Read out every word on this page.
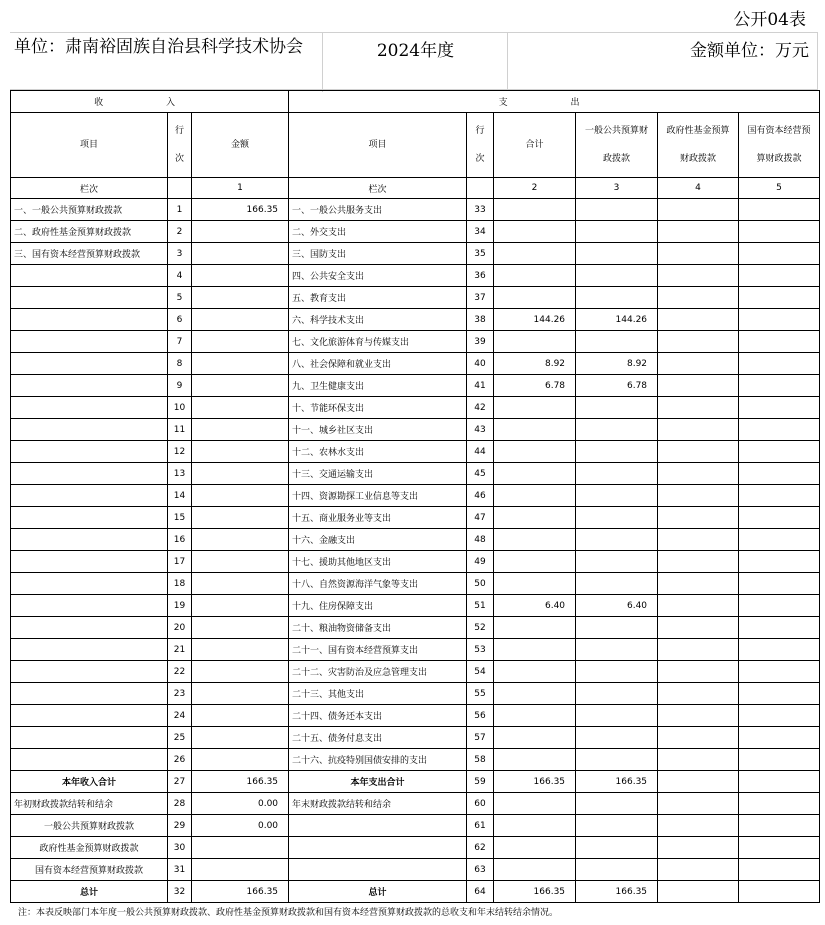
公开04表
单位：肃南裕固族自治县科学技术协会	2024年度	金额单位：万元
收 入			支 出					
项目	行次	金额	项目	行次	合计	一般公共预算财政拨款	政府性基金预算财政拨款	国有资本经营预算财政拨款
栏次		1	栏次		2	3	4	5
一、一般公共预算财政拨款	1	166.35	一、一般公共服务支出	33				
二、政府性基金预算财政拨款	2		二、外交支出	34				
三、国有资本经营预算财政拨款	3		三、国防支出	35				
	4		四、公共安全支出	36				
	5		五、教育支出	37				
	6		六、科学技术支出	38	144.26	144.26		
	7		七、文化旅游体育与传媒支出	39				
	8		八、社会保障和就业支出	40	8.92	8.92		
	9		九、卫生健康支出	41	6.78	6.78		
	10		十、节能环保支出	42				
	11		十一、城乡社区支出	43				
	12		十二、农林水支出	44				
	13		十三、交通运输支出	45				
	14		十四、资源勘探工业信息等支出	46				
	15		十五、商业服务业等支出	47				
	16		十六、金融支出	48				
	17		十七、援助其他地区支出	49				
	18		十八、自然资源海洋气象等支出	50				
	19		十九、住房保障支出	51	6.40	6.40		
	20		二十、粮油物资储备支出	52				
	21		二十一、国有资本经营预算支出	53				
	22		二十二、灾害防治及应急管理支出	54				
	23		二十三、其他支出	55				
	24		二十四、债务还本支出	56				
	25		二十五、债务付息支出	57				
	26		二十六、抗疫特别国债安排的支出	58				
本年收入合计	27	166.35	本年支出合计	59	166.35	166.35		
年初财政拨款结转和结余	28	0.00	年末财政拨款结转和结余	60				
一般公共预算财政拨款	29	0.00		61				
政府性基金预算财政拨款	30			62				
国有资本经营预算财政拨款	31			63				
总计	32	166.35	总计	64	166.35	166.35		
注：本表反映部门本年度一般公共预算财政拨款、政府性基金预算财政拨款和国有资本经营预算财政拨款的总收支和年末结转结余情况。
